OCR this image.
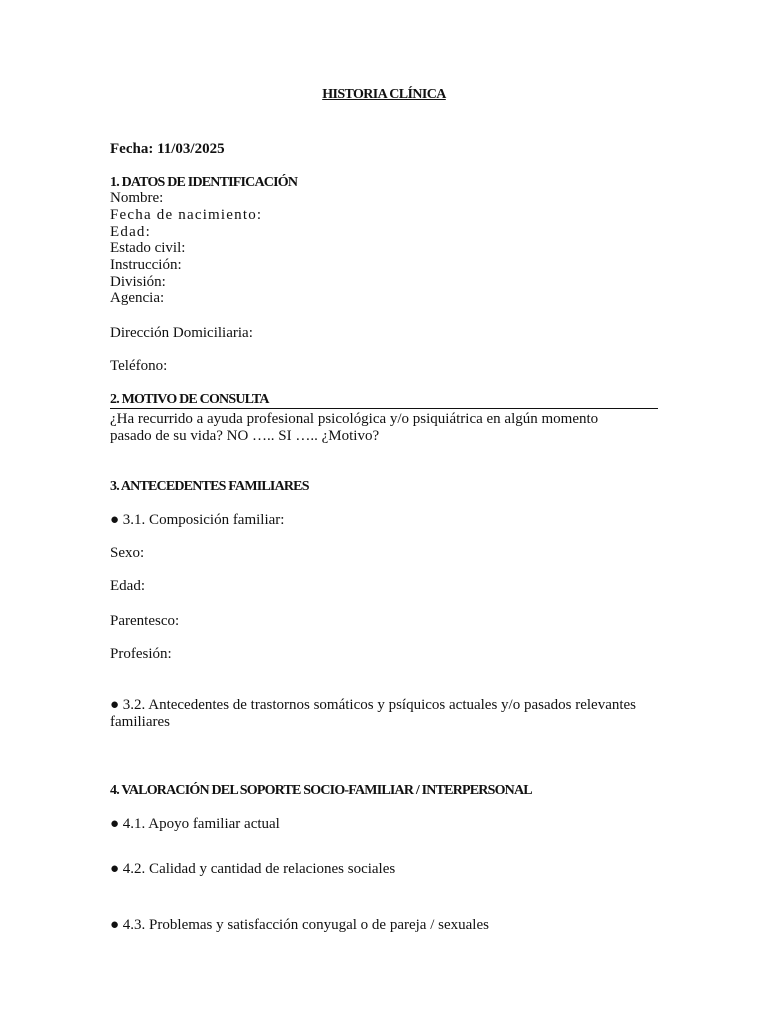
HISTORIA CLÍNICA
Fecha: 11/03/2025
1. DATOS DE IDENTIFICACIÓN
Nombre:
Fecha de nacimiento:
Edad:
Estado civil:
Instrucción:
División:
Agencia:
Dirección Domiciliaria:
Teléfono:
2. MOTIVO DE CONSULTA
¿Ha recurrido a ayuda profesional psicológica y/o psiquiátrica en algún momento
pasado de su vida? NO ….. SI ….. ¿Motivo?
3. ANTECEDENTES FAMILIARES
● 3.1. Composición familiar:
Sexo:
Edad:
Parentesco:
Profesión:
● 3.2. Antecedentes de trastornos somáticos y psíquicos actuales y/o pasados relevantes
familiares
4. VALORACIÓN DEL SOPORTE SOCIO-FAMILIAR / INTERPERSONAL
● 4.1. Apoyo familiar actual
● 4.2. Calidad y cantidad de relaciones sociales
● 4.3. Problemas y satisfacción conyugal o de pareja / sexuales
